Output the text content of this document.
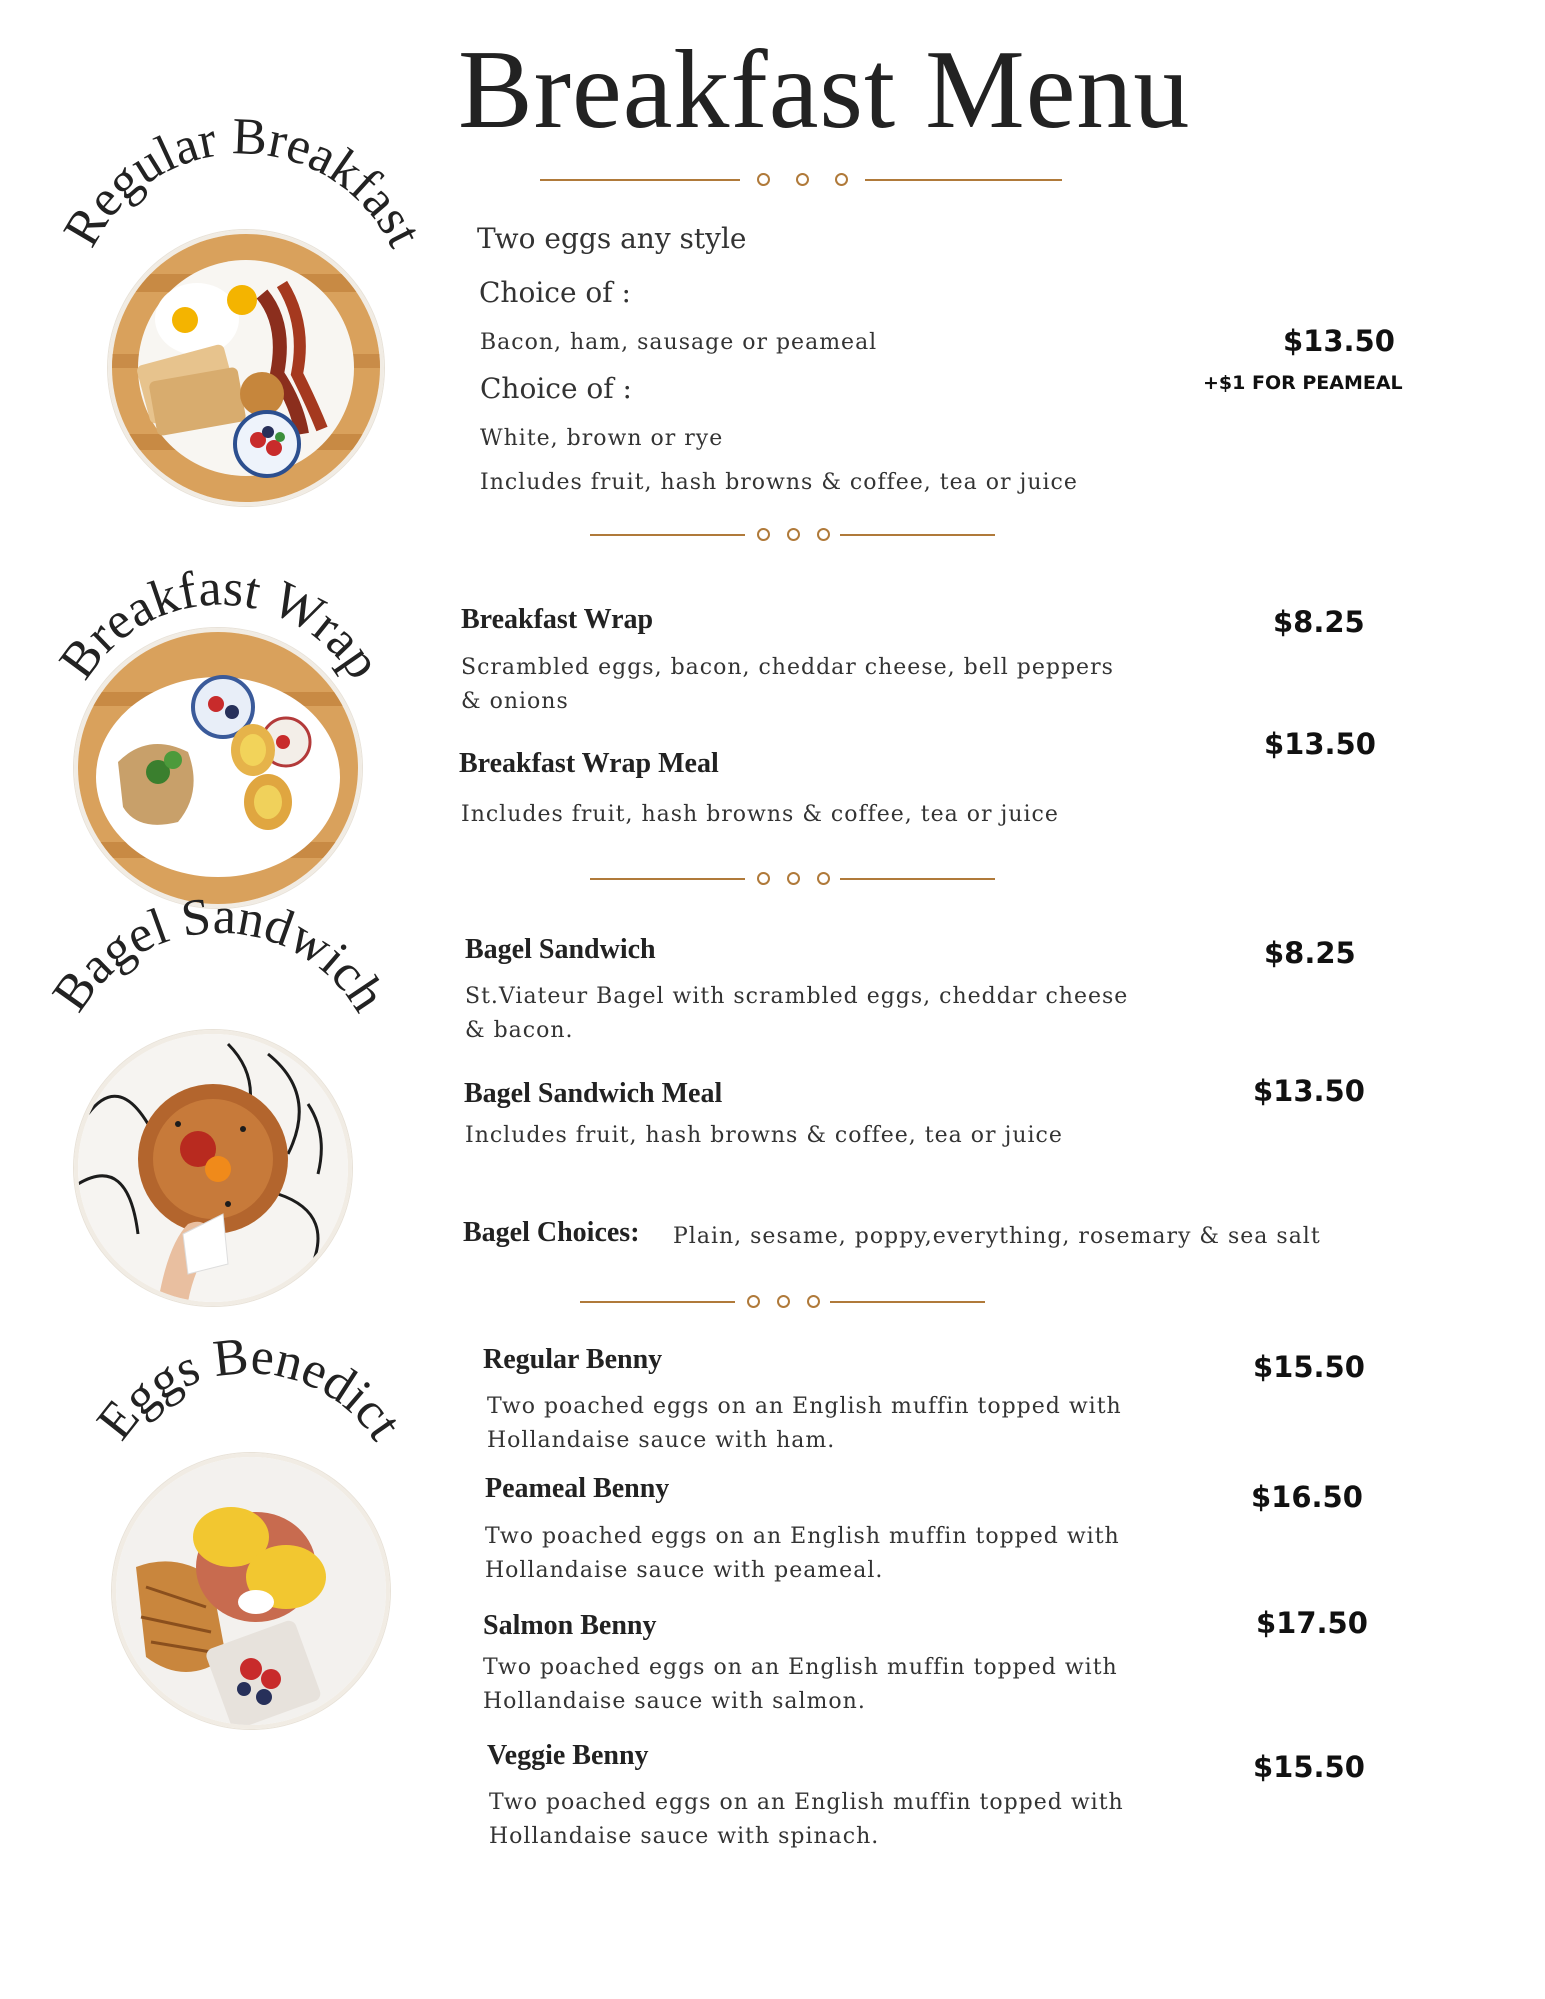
Breakfast Menu
Regular Breakfast Two eggs any style
Choice of :
Bacon, ham, sausage or peameal
Choice of :
White, brown or rye
Includes fruit, hash browns & coffee, tea or juice
$13.50
+$1 FOR PEAMEAL
Breakfast Wrap
Breakfast Wrap
Scrambled eggs, bacon, cheddar cheese, bell peppers & onions
$8.25
Breakfast Wrap Meal
Includes fruit, hash browns & coffee, tea or juice
$13.50
Bagel Sandwich
Bagel Sandwich
St.Viateur Bagel with scrambled eggs, cheddar cheese & bacon.
$8.25
Bagel Sandwich Meal
Includes fruit, hash browns & coffee, tea or juice
$13.50
Bagel Choices: Plain, sesame, poppy,everything, rosemary & sea salt
Eggs Benedict
Regular Benny
Two poached eggs on an English muffin topped with Hollandaise sauce with ham.
$15.50
Peameal Benny
Two poached eggs on an English muffin topped with Hollandaise sauce with peameal.
$16.50
Salmon Benny
Two poached eggs on an English muffin topped with Hollandaise sauce with salmon.
$17.50
Veggie Benny
Two poached eggs on an English muffin topped with Hollandaise sauce with spinach.
$15.50
